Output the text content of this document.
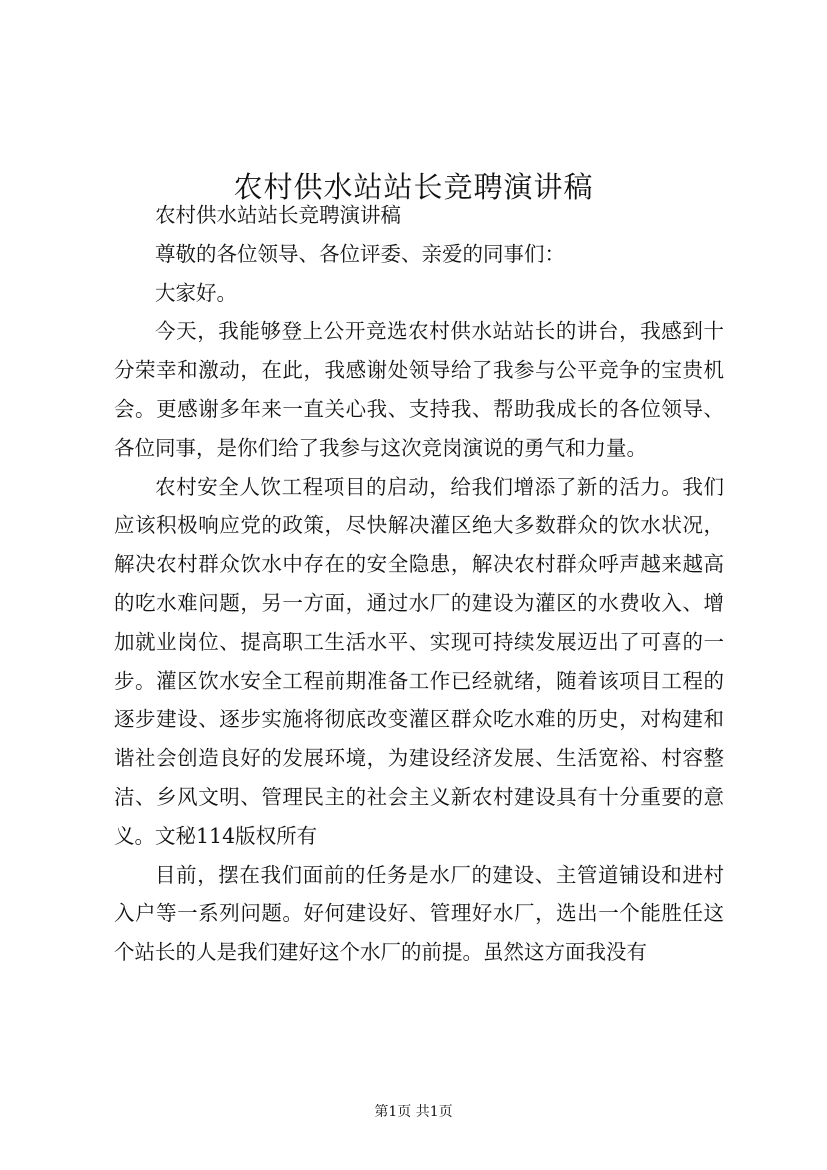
农村供水站站长竞聘演讲稿

农村供水站站长竞聘演讲稿

尊敬的各位领导、各位评委、亲爱的同事们：

大家好。

今天，我能够登上公开竞选农村供水站站长的讲台，我感到十分荣幸和激动，在此，我感谢处领导给了我参与公平竞争的宝贵机会。更感谢多年来一直关心我、支持我、帮助我成长的各位领导、各位同事，是你们给了我参与这次竞岗演说的勇气和力量。

农村安全人饮工程项目的启动，给我们增添了新的活力。我们应该积极响应党的政策，尽快解决灌区绝大多数群众的饮水状况，解决农村群众饮水中存在的安全隐患，解决农村群众呼声越来越高的吃水难问题，另一方面，通过水厂的建设为灌区的水费收入、增加就业岗位、提高职工生活水平、实现可持续发展迈出了可喜的一步。灌区饮水安全工程前期准备工作已经就绪，随着该项目工程的逐步建设、逐步实施将彻底改变灌区群众吃水难的历史，对构建和谐社会创造良好的发展环境，为建设经济发展、生活宽裕、村容整洁、乡风文明、管理民主的社会主义新农村建设具有十分重要的意义。文秘114版权所有

目前，摆在我们面前的任务是水厂的建设、主管道铺设和进村入户等一系列问题。好何建设好、管理好水厂，选出一个能胜任这个站长的人是我们建好这个水厂的前提。虽然这方面我没有

第1页 共1页
